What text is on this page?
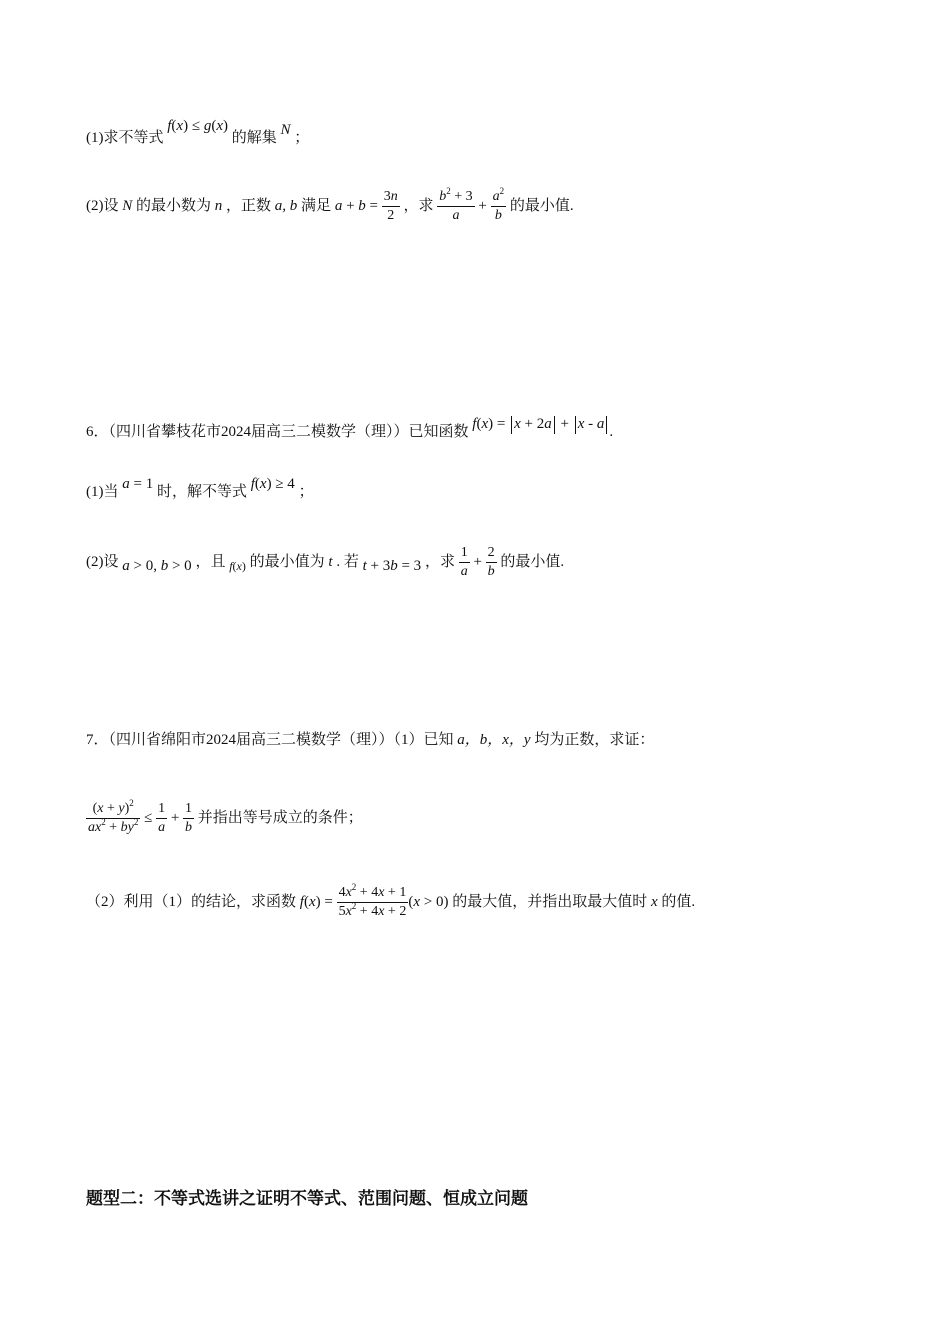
(1)求不等式 f(x) ≤ g(x) 的解集 N ；
(2)设 N 的最小数为 n ，正数 a, b 满足 $a + b = \frac{3n}{2}$ ，求 $\frac{b^2 + 3}{a} + \frac{a^2}{b}$ 的最小值.
6．（四川省攀枝花市2024届高三二模数学（理））已知函数 f(x) = x + 2a + x - a .
(1)当 a = 1 时，解不等式 f(x) ≥ 4 ；
(2)设 a > 0, b > 0 ，且 $_{f(x)}$ 的最小值为 t . 若 t + 3b = 3 ，求 $\frac{1}{a} + \frac{2}{b}$ 的最小值.
7．（四川省绵阳市2024届高三二模数学（理））（1）已知 a，b，x，y 均为正数，求证：
$\frac{(x + y)^2}{ax^2 + by^2} \le \frac{1}{a} + \frac{1}{b}$ 并指出等号成立的条件；
（2）利用（1）的结论，求函数 $f(x) = \frac{4x^2 + 4x + 1}{5x^2 + 4x + 2} (x > 0)$ 的最大值，并指出取最大值时 x 的值.
题型二：不等式选讲之证明不等式、范围问题、恒成立问题
